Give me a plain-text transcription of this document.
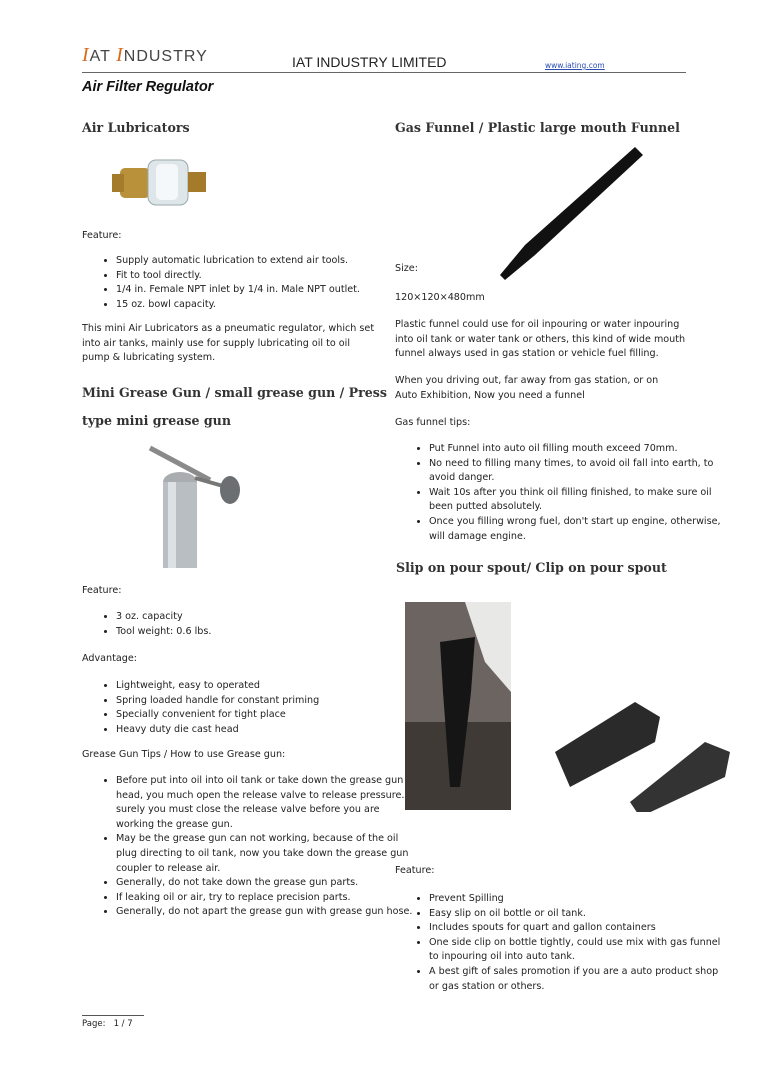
IAT INDUSTRY	IAT INDUSTRY LIMITED	www.iating.com
Air Filter Regulator
Air Lubricators
Feature:
• Supply automatic lubrication to extend air tools.
• Fit to tool directly.
• 1/4 in. Female NPT inlet by 1/4 in. Male NPT outlet.
• 15 oz. bowl capacity.
This mini Air Lubricators as a pneumatic regulator, which set into air tanks, mainly use for supply lubricating oil to oil pump & lubricating system.
Mini Grease Gun / small grease gun / Press
type mini grease gun
Feature:
• 3 oz. capacity
• Tool weight: 0.6 lbs.
Advantage:
• Lightweight, easy to operated
• Spring loaded handle for constant priming
• Specially convenient for tight place
• Heavy duty die cast head
Grease Gun Tips / How to use Grease gun:
• Before put into oil into oil tank or take down the grease gun head, you much open the release valve to release pressure. surely you must close the release valve before you are working the grease gun.
• May be the grease gun can not working, because of the oil plug directing to oil tank, now you take down the grease gun coupler to release air.
• Generally, do not take down the grease gun parts.
• If leaking oil or air, try to replace precision parts.
• Generally, do not apart the grease gun with grease gun hose.
Gas Funnel / Plastic large mouth Funnel
Size:
120×120×480mm
Plastic funnel could use for oil inpouring or water inpouring into oil tank or water tank or others, this kind of wide mouth funnel always used in gas station or vehicle fuel filling.
When you driving out, far away from gas station, or on Auto Exhibition, Now you need a funnel
Gas funnel tips:
• Put Funnel into auto oil filling mouth exceed 70mm.
• No need to filling many times, to avoid oil fall into earth, to avoid danger.
• Wait 10s after you think oil filling finished, to make sure oil been putted absolutely.
• Once you filling wrong fuel, don't start up engine, otherwise, will damage engine.
Slip on pour spout/ Clip on pour spout
Feature:
• Prevent Spilling
• Easy slip on oil bottle or oil tank.
• Includes spouts for quart and gallon containers
• One side clip on bottle tightly, could use mix with gas funnel to inpouring oil into auto tank.
• A best gift of sales promotion if you are a auto product shop or gas station or others.
Page: 1 / 7
